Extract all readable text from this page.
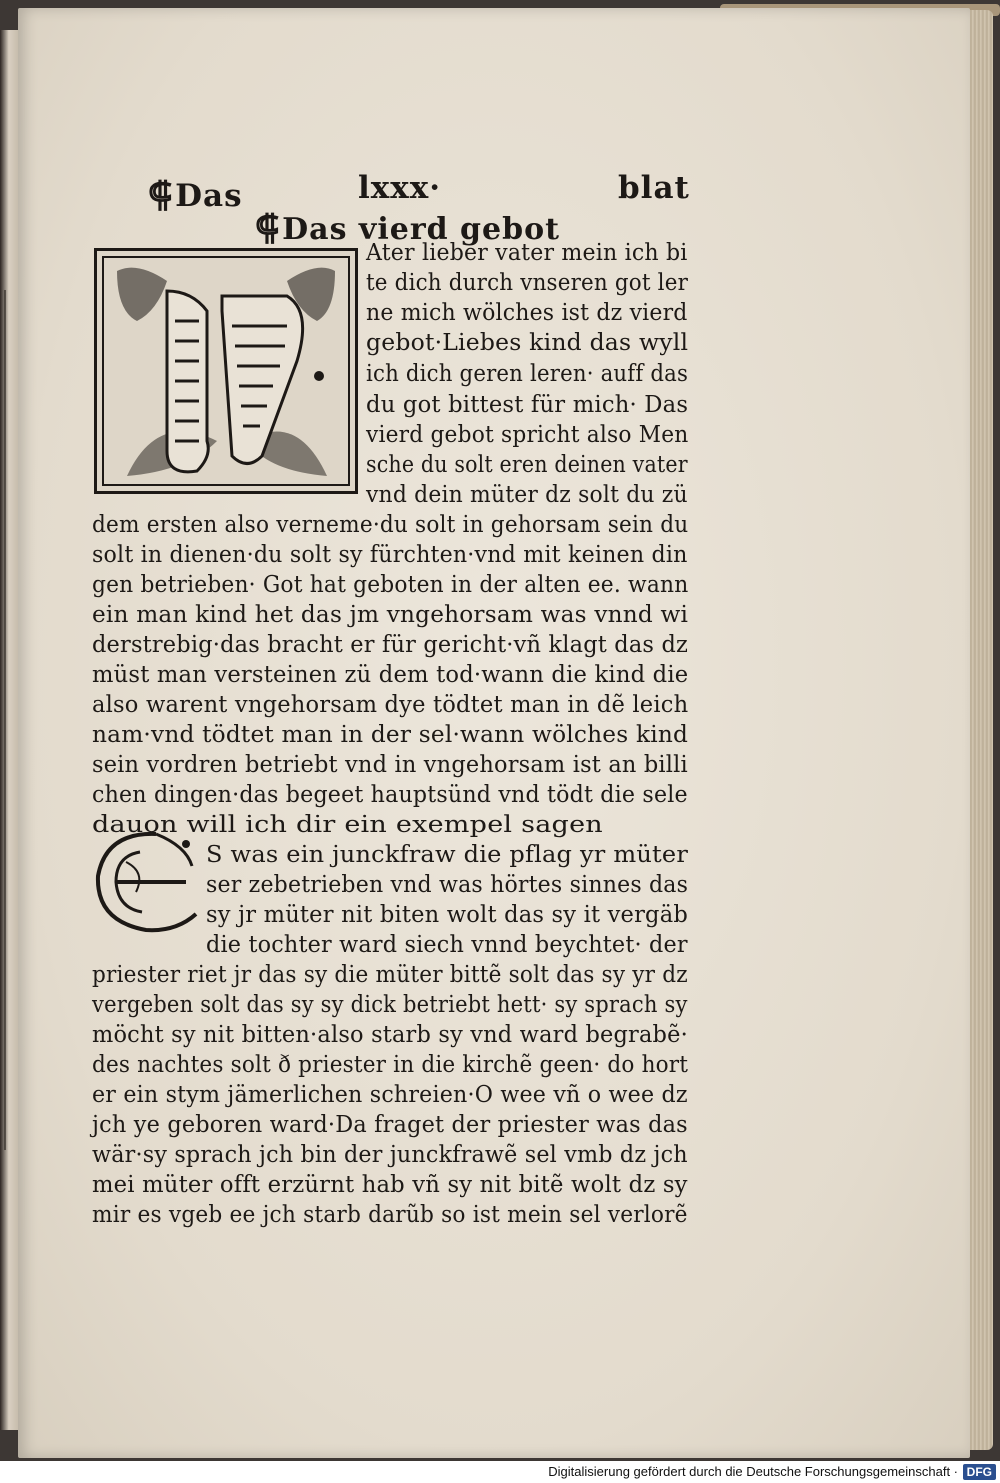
⸿Das	lxxx·	blat
⸿Das vierd gebot
Ater lieber vater mein ich bi
te dich durch vnseren got ler
ne mich wölches ist dz vierd
gebot·Liebes kind das wyll
ich dich geren leren· auff das
du got bittest für mich· Das
vierd gebot spricht also Men
sche du solt eren deinen vater
vnd dein müter dz solt du zü
dem ersten also verneme·du solt in gehorsam sein du
solt in dienen·du solt sy fürchten·vnd mit keinen din
gen betrieben· Got hat geboten in der alten ee. wann
ein man kind het das jm vngehorsam was vnnd wi
derstrebig·das bracht er für gericht·vñ klagt das dz
müst man versteinen zü dem tod·wann die kind die
also warent vngehorsam dye tödtet man in dẽ leich
nam·vnd tödtet man in der sel·wann wölches kind
sein vordren betriebt vnd in vngehorsam ist an billi
chen dingen·das begeet hauptsünd vnd tödt die sele
dauon will ich dir ein exempel sagen
S was ein junckfraw die pflag yr müter
ser zebetrieben vnd was hörtes sinnes das
sy jr müter nit biten wolt das sy it vergäb
die tochter ward siech vnnd beychtet· der
priester riet jr das sy die müter bittẽ solt das sy yr dz
vergeben solt das sy sy dick betriebt hett· sy sprach sy
möcht sy nit bitten·also starb sy vnd ward begrabẽ·
des nachtes solt ð priester in die kirchẽ geen· do hort
er ein stym jämerlichen schreien·O wee vñ o wee dz
jch ye geboren ward·Da fraget der priester was das
wär·sy sprach jch bin der junckfrawẽ sel vmb dz jch
mei müter offt erzürnt hab vñ sy nit bitẽ wolt dz sy
mir es vgeb ee jch starb darũb so ist mein sel verlorẽ
Digitalisierung gefördert durch die Deutsche Forschungsgemeinschaft · DFG
